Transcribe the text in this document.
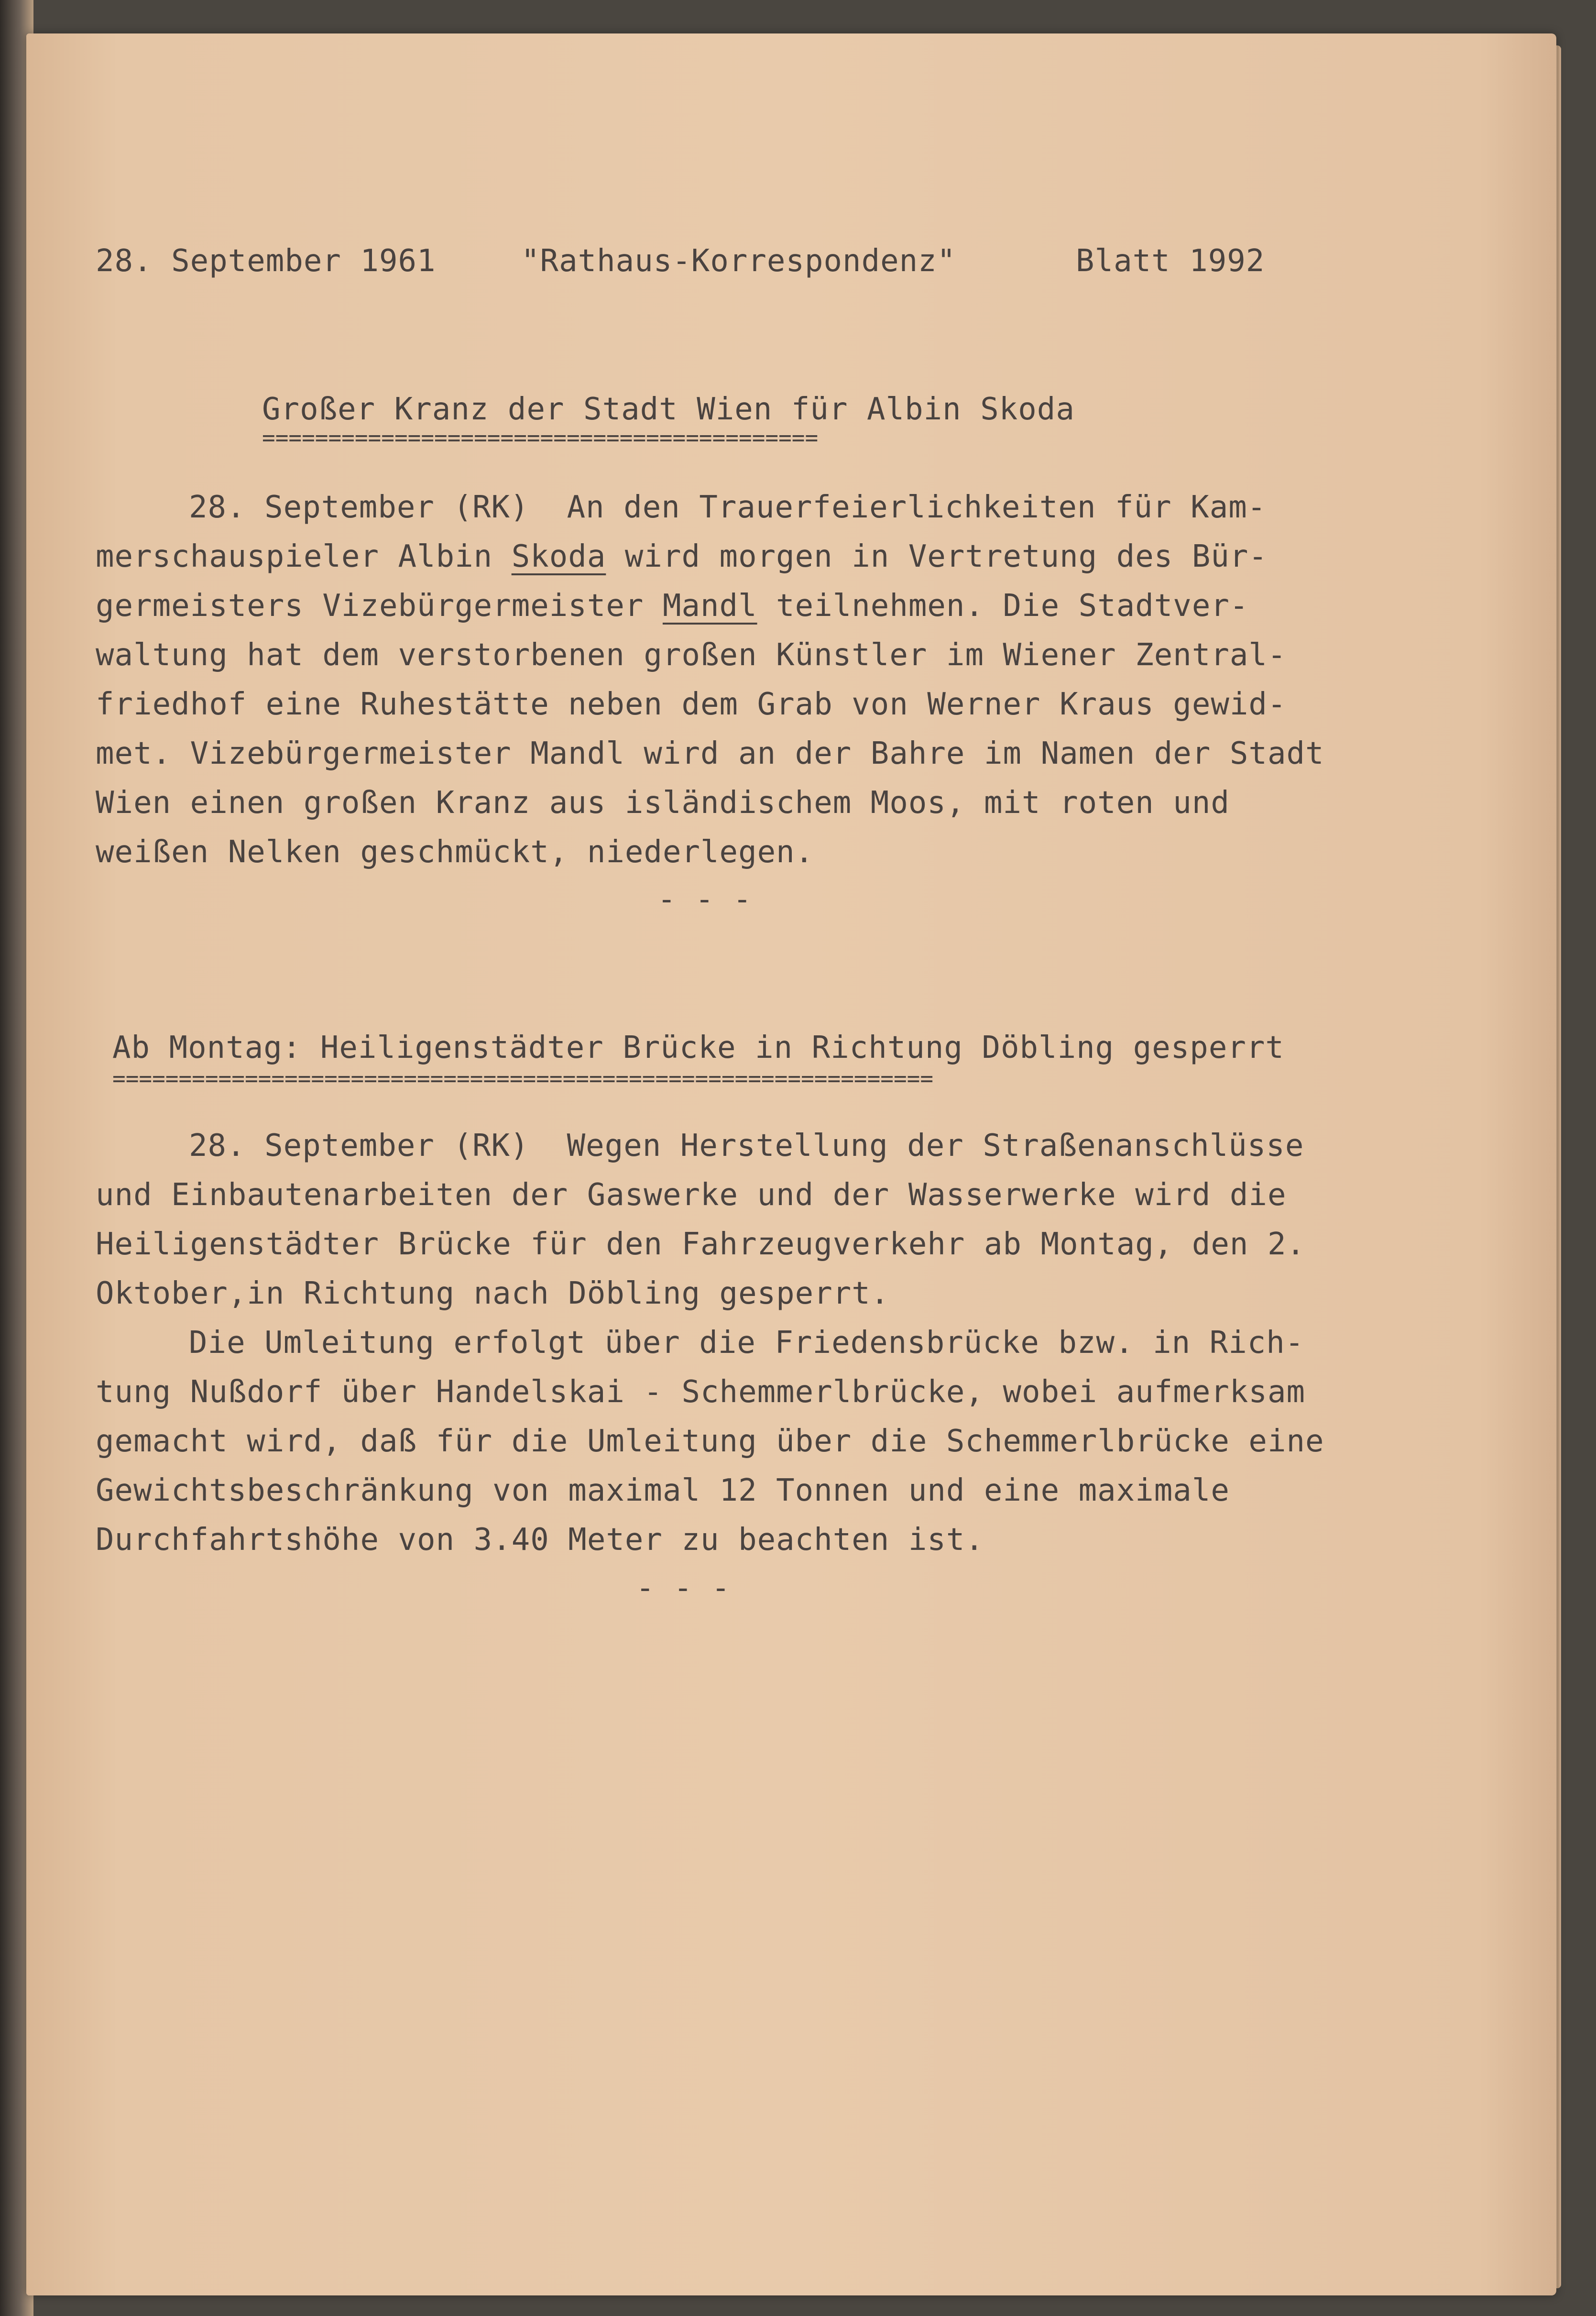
28. September 1961	"Rathaus-Korrespondenz"	Blatt 1992
Großer Kranz der Stadt Wien für Albin Skoda
==========================================
28. September (RK)  An den Trauerfeierlichkeiten für Kam-
merschauspieler Albin Skoda wird morgen in Vertretung des Bür-
germeisters Vizebürgermeister Mandl teilnehmen. Die Stadtver-
waltung hat dem verstorbenen großen Künstler im Wiener Zentral-
friedhof eine Ruhestätte neben dem Grab von Werner Kraus gewid-
met. Vizebürgermeister Mandl wird an der Bahre im Namen der Stadt
Wien einen großen Kranz aus isländischem Moos, mit roten und
weißen Nelken geschmückt, niederlegen.
- - -
Ab Montag: Heiligenstädter Brücke in Richtung Döbling gesperrt
==============================================================
28. September (RK)  Wegen Herstellung der Straßenanschlüsse
und Einbautenarbeiten der Gaswerke und der Wasserwerke wird die
Heiligenstädter Brücke für den Fahrzeugverkehr ab Montag, den 2.
Oktober,in Richtung nach Döbling gesperrt.
Die Umleitung erfolgt über die Friedensbrücke bzw. in Rich-
tung Nußdorf über Handelskai - Schemmerlbrücke, wobei aufmerksam
gemacht wird, daß für die Umleitung über die Schemmerlbrücke eine
Gewichtsbeschränkung von maximal 12 Tonnen und eine maximale
Durchfahrtshöhe von 3.40 Meter zu beachten ist.
- - -
